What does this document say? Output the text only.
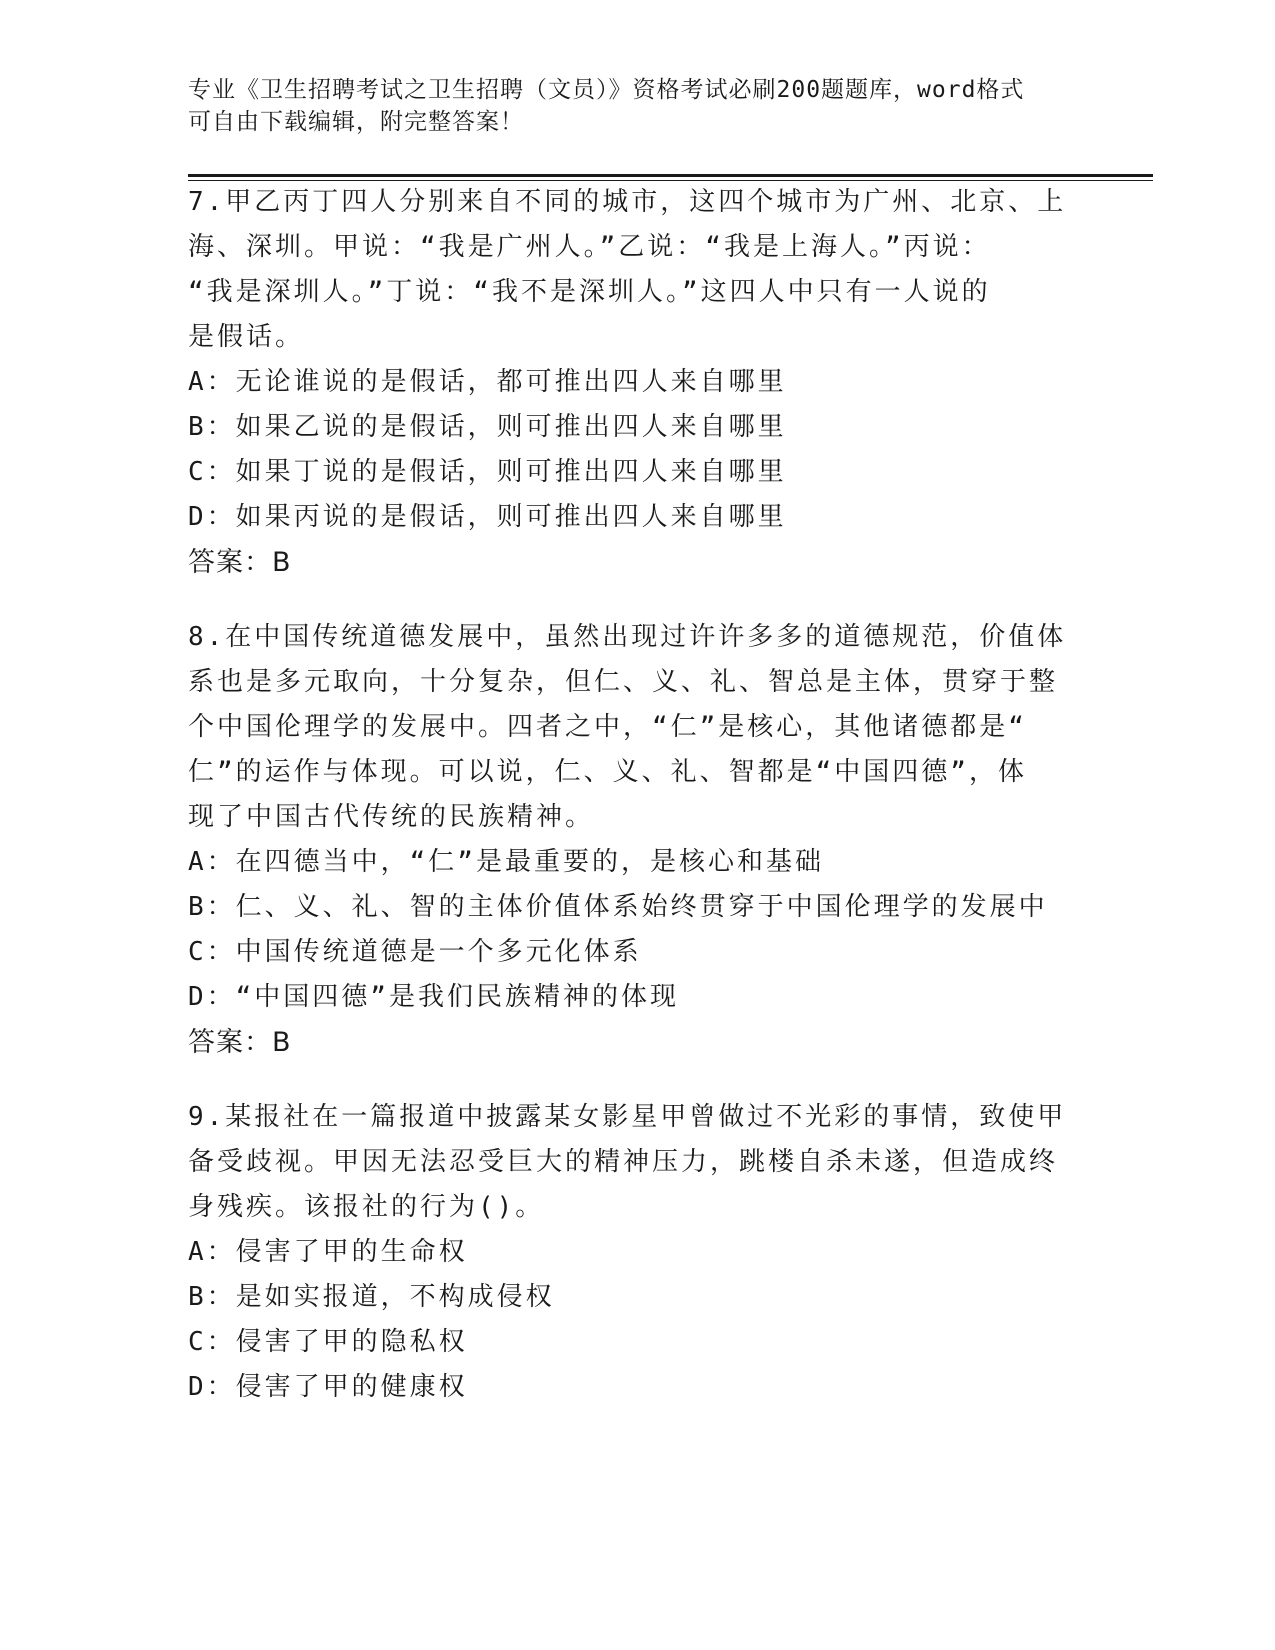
专业《卫生招聘考试之卫生招聘（文员）》资格考试必刷200题题库，word格式
可自由下载编辑，附完整答案！
7.甲乙丙丁四人分别来自不同的城市，这四个城市为广州、北京、上
海、深圳。甲说：“我是广州人。”乙说：“我是上海人。”丙说：
“我是深圳人。”丁说：“我不是深圳人。”这四人中只有一人说的
是假话。
A：无论谁说的是假话，都可推出四人来自哪里
B：如果乙说的是假话，则可推出四人来自哪里
C：如果丁说的是假话，则可推出四人来自哪里
D：如果丙说的是假话，则可推出四人来自哪里
答案：B
8.在中国传统道德发展中，虽然出现过许许多多的道德规范，价值体
系也是多元取向，十分复杂，但仁、义、礼、智总是主体，贯穿于整
个中国伦理学的发展中。四者之中，“仁”是核心，其他诸德都是“
仁”的运作与体现。可以说，仁、义、礼、智都是“中国四德”，体
现了中国古代传统的民族精神。
A：在四德当中，“仁”是最重要的，是核心和基础
B：仁、义、礼、智的主体价值体系始终贯穿于中国伦理学的发展中
C：中国传统道德是一个多元化体系
D：“中国四德”是我们民族精神的体现
答案：B
9.某报社在一篇报道中披露某女影星甲曾做过不光彩的事情，致使甲
备受歧视。甲因无法忍受巨大的精神压力，跳楼自杀未遂，但造成终
身残疾。该报社的行为()。
A：侵害了甲的生命权
B：是如实报道，不构成侵权
C：侵害了甲的隐私权
D：侵害了甲的健康权
